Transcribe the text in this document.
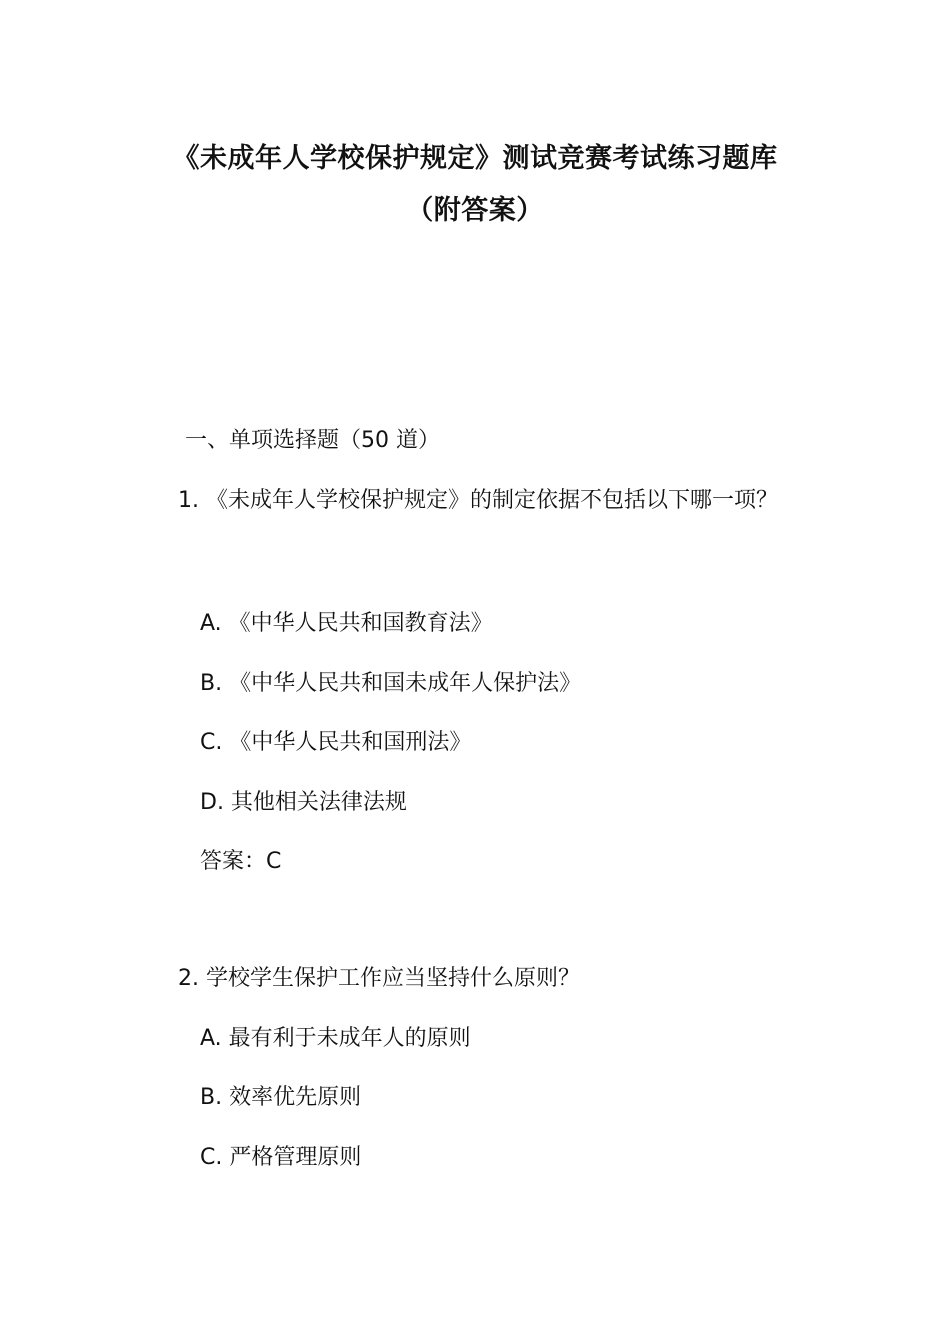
《未成年人学校保护规定》测试竞赛考试练习题库
（附答案）
一、单项选择题（50 道）
1. 《未成年人学校保护规定》的制定依据不包括以下哪一项？
A. 《中华人民共和国教育法》
B. 《中华人民共和国未成年人保护法》
C. 《中华人民共和国刑法》
D. 其他相关法律法规
答案：C
2. 学校学生保护工作应当坚持什么原则？
A. 最有利于未成年人的原则
B. 效率优先原则
C. 严格管理原则
